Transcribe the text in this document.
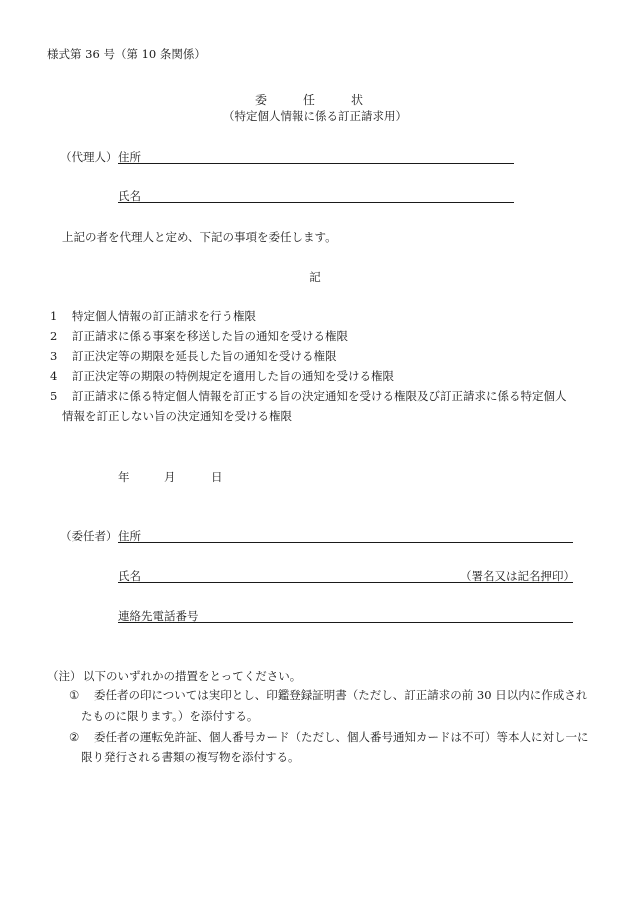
様式第 36 号（第 10 条関係）
委　任　状
（特定個人情報に係る訂正請求用）
（代理人） 住所
氏名
上記の者を代理人と定め、下記の事項を委任します。
記
1 特定個人情報の訂正請求を行う権限
2 訂正請求に係る事案を移送した旨の通知を受ける権限
3 訂正決定等の期限を延長した旨の通知を受ける権限
4 訂正決定等の期限の特例規定を適用した旨の通知を受ける権限
5 訂正請求に係る特定個人情報を訂正する旨の決定通知を受ける権限及び訂正請求に係る特定個人
情報を訂正しない旨の決定通知を受ける権限
年	月	日
（委任者） 住所
氏名	（署名又は記名押印）
連絡先電話番号
（注） 以下のいずれかの措置をとってください。
① 委任者の印については実印とし、印鑑登録証明書（ただし、訂正請求の前 30 日以内に作成され
たものに限ります。）を添付する。
② 委任者の運転免許証、個人番号カード（ただし、個人番号通知カードは不可）等本人に対し一に
限り発行される書類の複写物を添付する。
